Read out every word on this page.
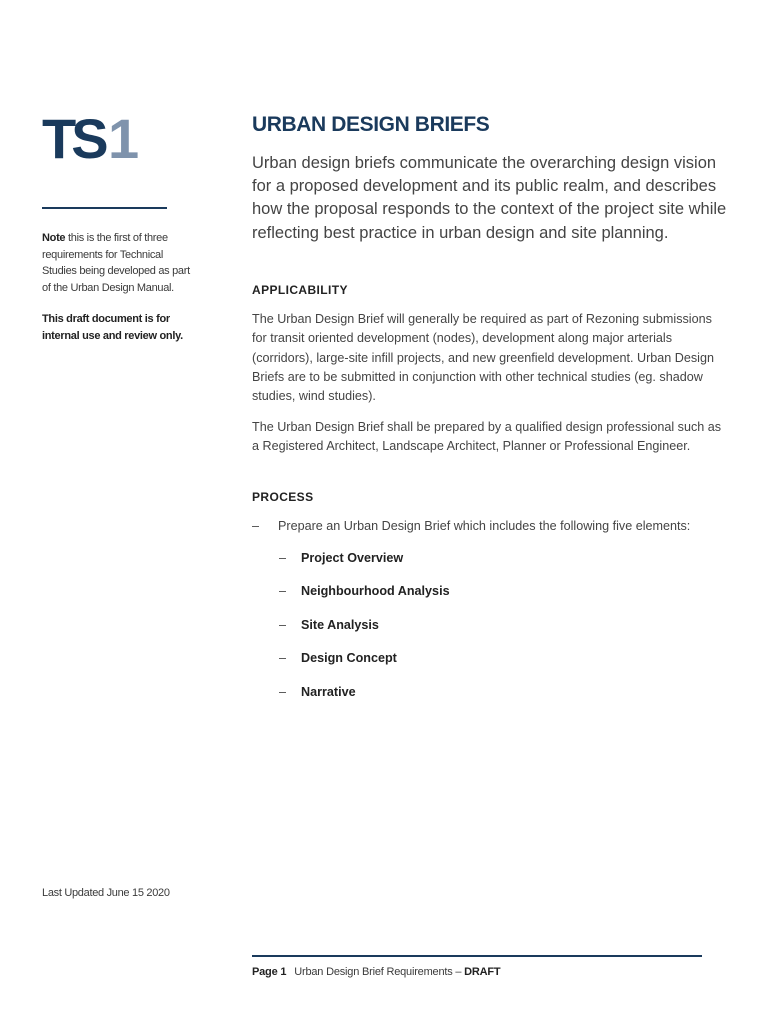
TS 1
Note this is the first of three requirements for Technical Studies being developed as part of the Urban Design Manual.
This draft document is for internal use and review only.
Last Updated June 15 2020
URBAN DESIGN BRIEFS

Urban design briefs communicate the overarching design vision for a proposed development and its public realm, and describes how the proposal responds to the context of the project site while reflecting best practice in urban design and site planning.

APPLICABILITY

The Urban Design Brief will generally be required as part of Rezoning submissions for transit oriented development (nodes), development along major arterials (corridors), large-site infill projects, and new greenfield development. Urban Design Briefs are to be submitted in conjunction with other technical studies (eg. shadow studies, wind studies).

The Urban Design Brief shall be prepared by a qualified design professional such as a Registered Architect, Landscape Architect, Planner or Professional Engineer.

PROCESS

– Prepare an Urban Design Brief which includes the following five elements:

– Project Overview
– Neighbourhood Analysis
– Site Analysis
– Design Concept
– Narrative
Page 1 Urban Design Brief Requirements – DRAFT
